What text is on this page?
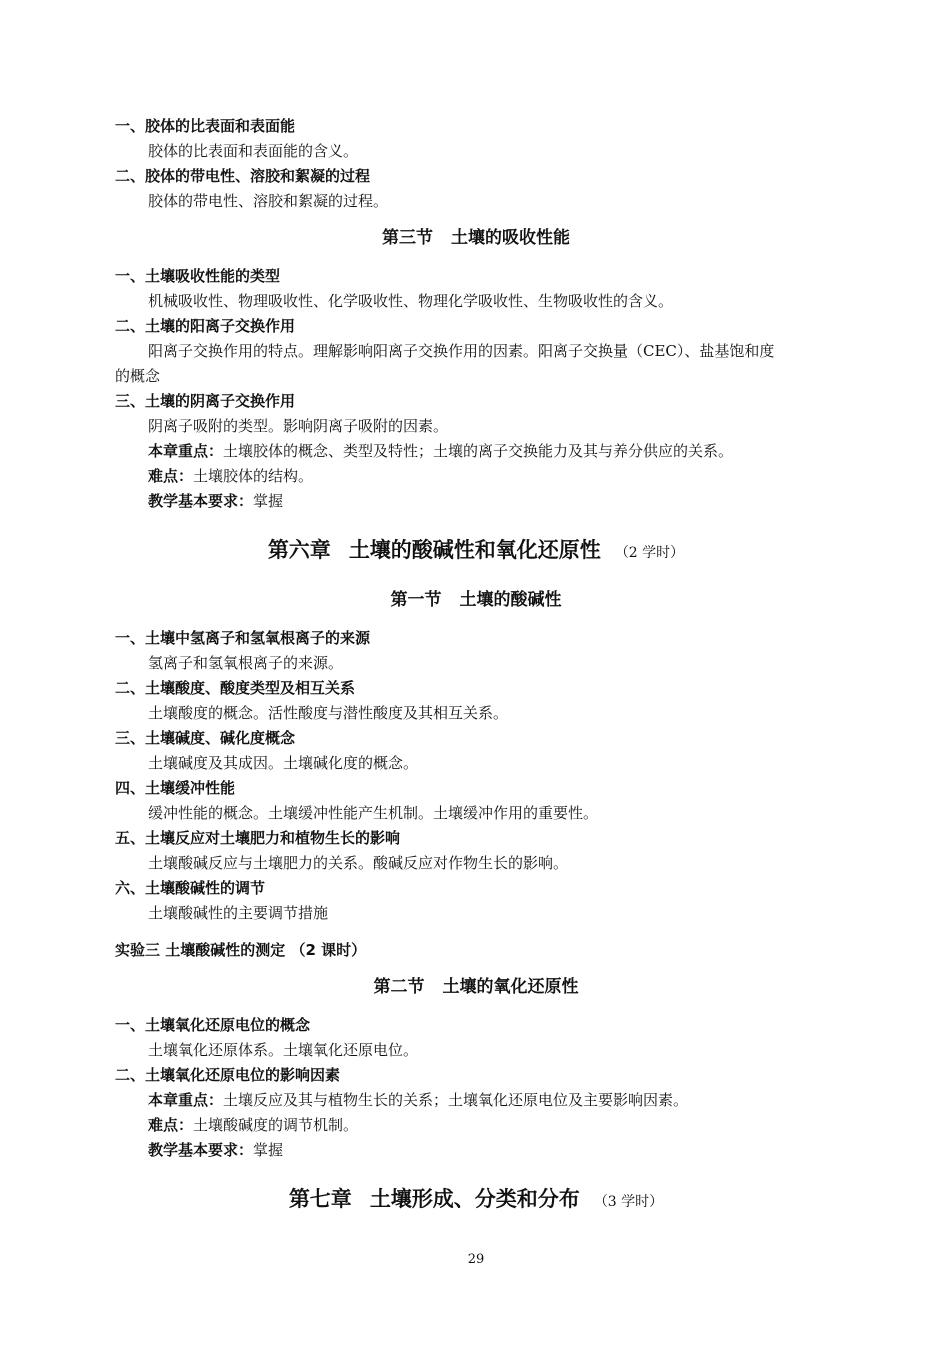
一、胶体的比表面和表面能
胶体的比表面和表面能的含义。
二、胶体的带电性、溶胶和絮凝的过程
胶体的带电性、溶胶和絮凝的过程。
第三节 土壤的吸收性能
一、土壤吸收性能的类型
机械吸收性、物理吸收性、化学吸收性、物理化学吸收性、生物吸收性的含义。
二、土壤的阳离子交换作用
阳离子交换作用的特点。理解影响阳离子交换作用的因素。阳离子交换量（CEC）、盐基饱和度
的概念
三、土壤的阴离子交换作用
阴离子吸附的类型。影响阴离子吸附的因素。
本章重点：土壤胶体的概念、类型及特性；土壤的离子交换能力及其与养分供应的关系。
难点：土壤胶体的结构。
教学基本要求：掌握
第六章 土壤的酸碱性和氧化还原性 （2 学时）
第一节 土壤的酸碱性
一、土壤中氢离子和氢氧根离子的来源
氢离子和氢氧根离子的来源。
二、土壤酸度、酸度类型及相互关系
土壤酸度的概念。活性酸度与潜性酸度及其相互关系。
三、土壤碱度、碱化度概念
土壤碱度及其成因。土壤碱化度的概念。
四、土壤缓冲性能
缓冲性能的概念。土壤缓冲性能产生机制。土壤缓冲作用的重要性。
五、土壤反应对土壤肥力和植物生长的影响
土壤酸碱反应与土壤肥力的关系。酸碱反应对作物生长的影响。
六、土壤酸碱性的调节
土壤酸碱性的主要调节措施
实验三 土壤酸碱性的测定 （2 课时）
第二节 土壤的氧化还原性
一、土壤氧化还原电位的概念
土壤氧化还原体系。土壤氧化还原电位。
二、土壤氧化还原电位的影响因素
本章重点：土壤反应及其与植物生长的关系；土壤氧化还原电位及主要影响因素。
难点：土壤酸碱度的调节机制。
教学基本要求：掌握
第七章 土壤形成、分类和分布 （3 学时）
29
